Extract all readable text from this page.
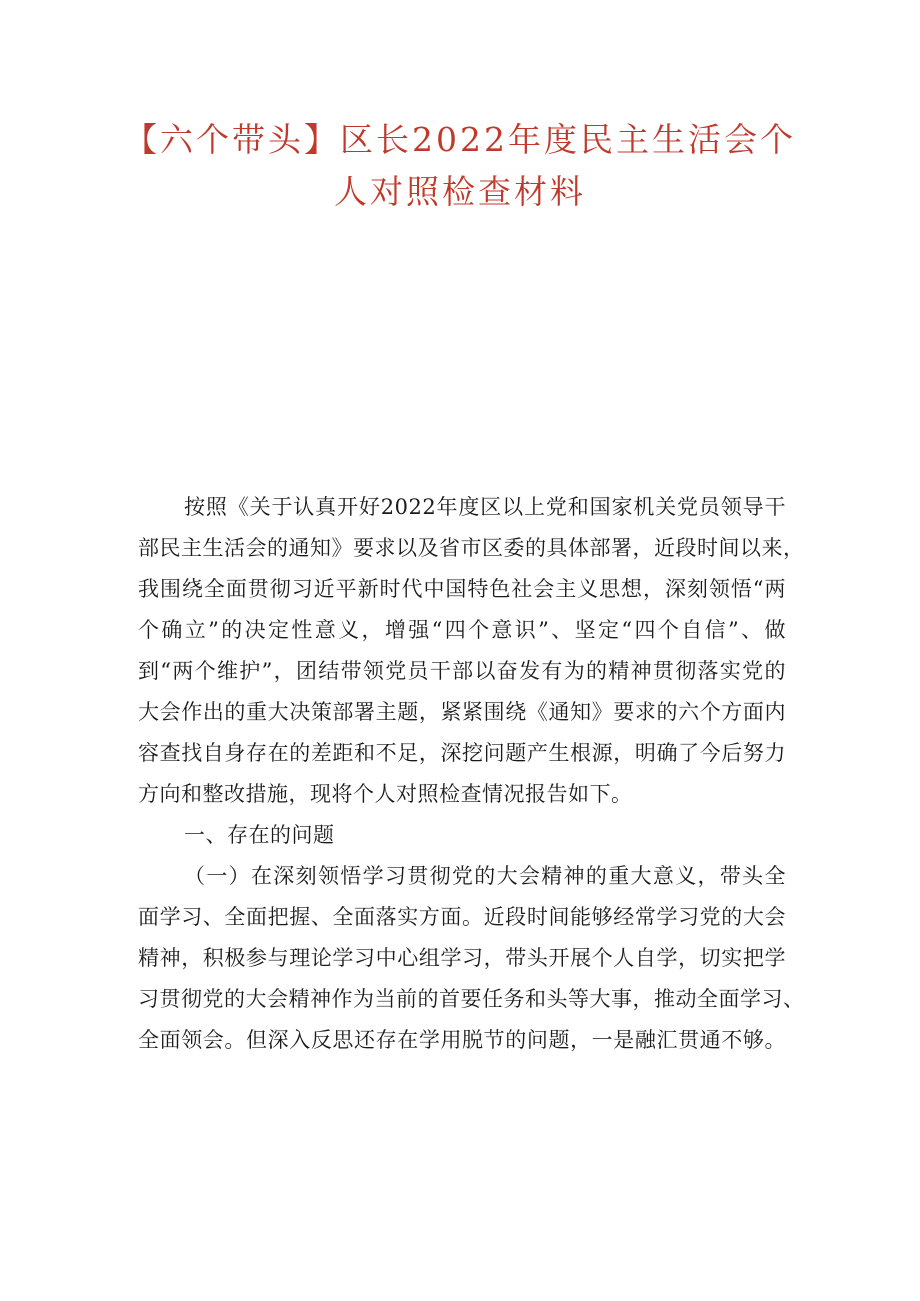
【六个带头】区长2022年度民主生活会个
人对照检查材料
按照《关于认真开好2022年度区以上党和国家机关党员领导干
部民主生活会的通知》要求以及省市区委的具体部署，近段时间以来，
我围绕全面贯彻习近平新时代中国特色社会主义思想，深刻领悟“两
个确立”的决定性意义，增强“四个意识”、坚定“四个自信”、做
到“两个维护”，团结带领党员干部以奋发有为的精神贯彻落实党的
大会作出的重大决策部署主题，紧紧围绕《通知》要求的六个方面内
容查找自身存在的差距和不足，深挖问题产生根源，明确了今后努力
方向和整改措施，现将个人对照检查情况报告如下。
一、存在的问题
（一）在深刻领悟学习贯彻党的大会精神的重大意义，带头全
面学习、全面把握、全面落实方面。近段时间能够经常学习党的大会
精神，积极参与理论学习中心组学习，带头开展个人自学，切实把学
习贯彻党的大会精神作为当前的首要任务和头等大事，推动全面学习、
全面领会。但深入反思还存在学用脱节的问题，一是融汇贯通不够。
